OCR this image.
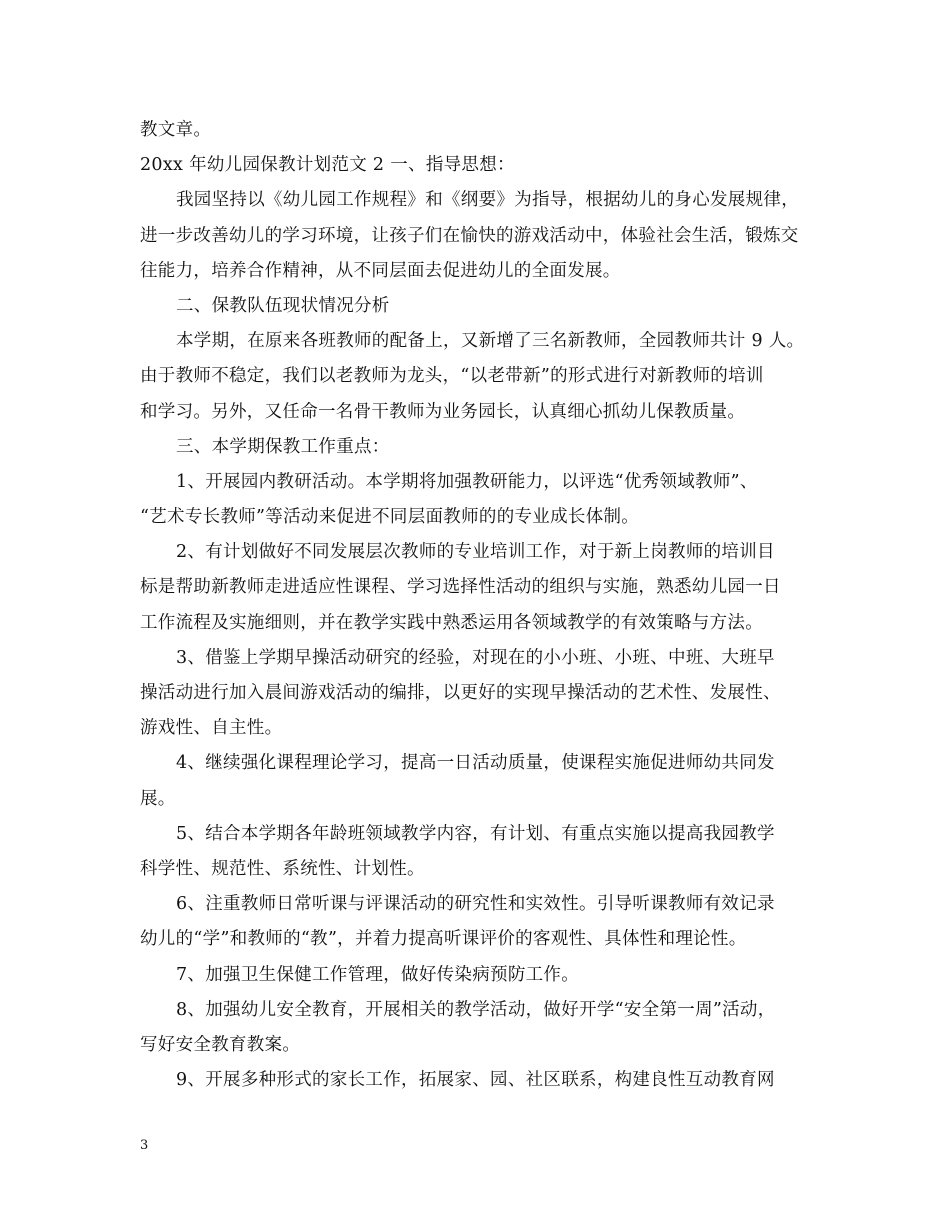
教文章。
20xx 年幼儿园保教计划范文 2 一、指导思想：
我园坚持以《幼儿园工作规程》和《纲要》为指导，根据幼儿的身心发展规律，
进一步改善幼儿的学习环境，让孩子们在愉快的游戏活动中，体验社会生活，锻炼交
往能力，培养合作精神，从不同层面去促进幼儿的全面发展。
二、保教队伍现状情况分析
本学期，在原来各班教师的配备上，又新增了三名新教师，全园教师共计 9 人。
由于教师不稳定，我们以老教师为龙头，“以老带新”的形式进行对新教师的培训
和学习。另外，又任命一名骨干教师为业务园长，认真细心抓幼儿保教质量。
三、本学期保教工作重点：
1、开展园内教研活动。本学期将加强教研能力，以评选“优秀领域教师”、
“艺术专长教师”等活动来促进不同层面教师的的专业成长体制。
2、有计划做好不同发展层次教师的专业培训工作，对于新上岗教师的培训目
标是帮助新教师走进适应性课程、学习选择性活动的组织与实施，熟悉幼儿园一日
工作流程及实施细则，并在教学实践中熟悉运用各领域教学的有效策略与方法。
3、借鉴上学期早操活动研究的经验，对现在的小小班、小班、中班、大班早
操活动进行加入晨间游戏活动的编排，以更好的实现早操活动的艺术性、发展性、
游戏性、自主性。
4、继续强化课程理论学习，提高一日活动质量，使课程实施促进师幼共同发
展。
5、结合本学期各年龄班领域教学内容，有计划、有重点实施以提高我园教学
科学性、规范性、系统性、计划性。
6、注重教师日常听课与评课活动的研究性和实效性。引导听课教师有效记录
幼儿的“学”和教师的“教”，并着力提高听课评价的客观性、具体性和理论性。
7、加强卫生保健工作管理，做好传染病预防工作。
8、加强幼儿安全教育，开展相关的教学活动，做好开学“安全第一周”活动，
写好安全教育教案。
9、开展多种形式的家长工作，拓展家、园、社区联系，构建良性互动教育网
3
